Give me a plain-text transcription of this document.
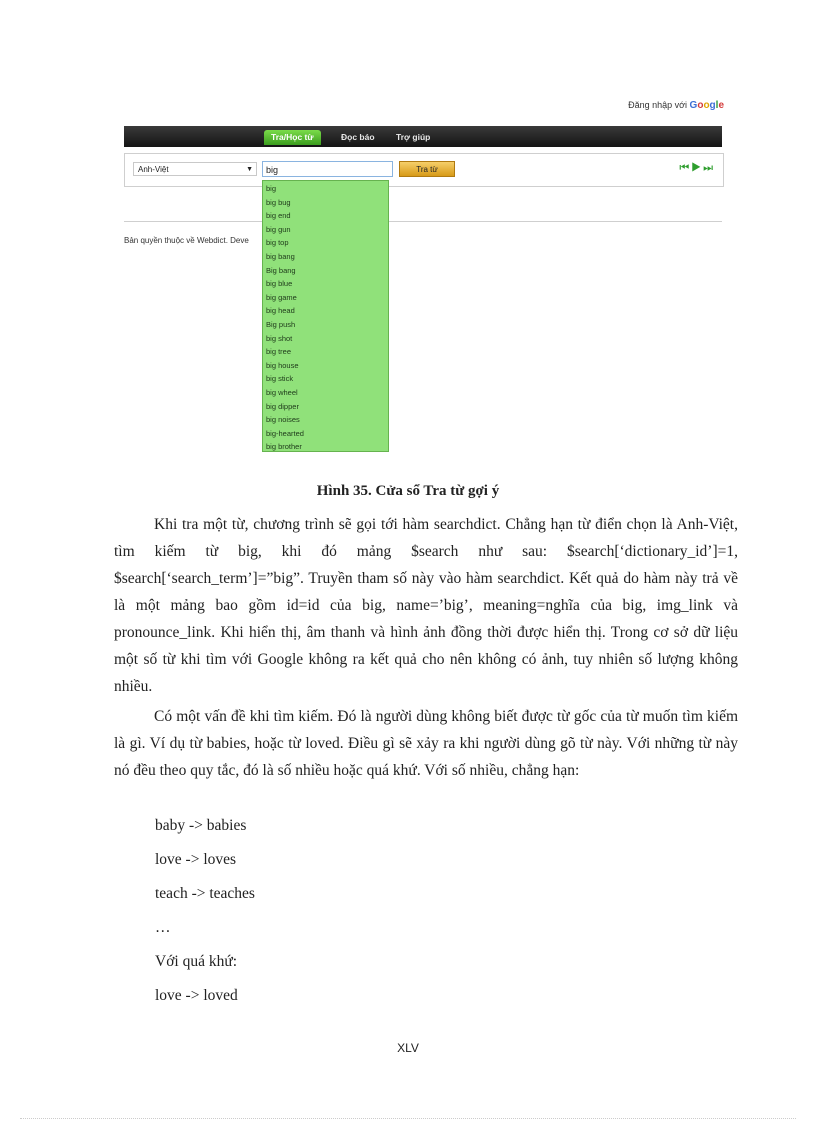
Đăng nhập với Google
Tra/Học từ	Đọc báo	Trợ giúp
Anh-Việt	▼	big	Tra từ	⏮▶⏭
Bản quyền thuộc về Webdict. Deve
big
big bug
big end
big gun
big top
big bang
Big bang
big blue
big game
big head
Big push
big shot
big tree
big house
big stick
big wheel
big dipper
big noises
big-hearted
big brother
Hình 35. Cửa sổ Tra từ gợi ý

Khi tra một từ, chương trình sẽ gọi tới hàm searchdict. Chẳng hạn từ điển chọn là Anh-Việt, tìm kiếm từ big, khi đó mảng $search như sau: $search[‘dictionary_id’]=1, $search[‘search_term’]=”big”. Truyền tham số này vào hàm searchdict. Kết quả do hàm này trả về là một mảng bao gồm id=id của big, name=’big’, meaning=nghĩa của big, img_link và pronounce_link. Khi hiển thị, âm thanh và hình ảnh đồng thời được hiển thị. Trong cơ sở dữ liệu một số từ khi tìm với Google không ra kết quả cho nên không có ảnh, tuy nhiên số lượng không nhiều.

Có một vấn đề khi tìm kiếm. Đó là người dùng không biết được từ gốc của từ muốn tìm kiếm là gì. Ví dụ từ babies, hoặc từ loved. Điều gì sẽ xảy ra khi người dùng gõ từ này. Với những từ này nó đều theo quy tắc, đó là số nhiều hoặc quá khứ. Với số nhiều, chẳng hạn:

baby -> babies
love -> loves
teach -> teaches
…
Với quá khứ:
love -> loved
XLV
